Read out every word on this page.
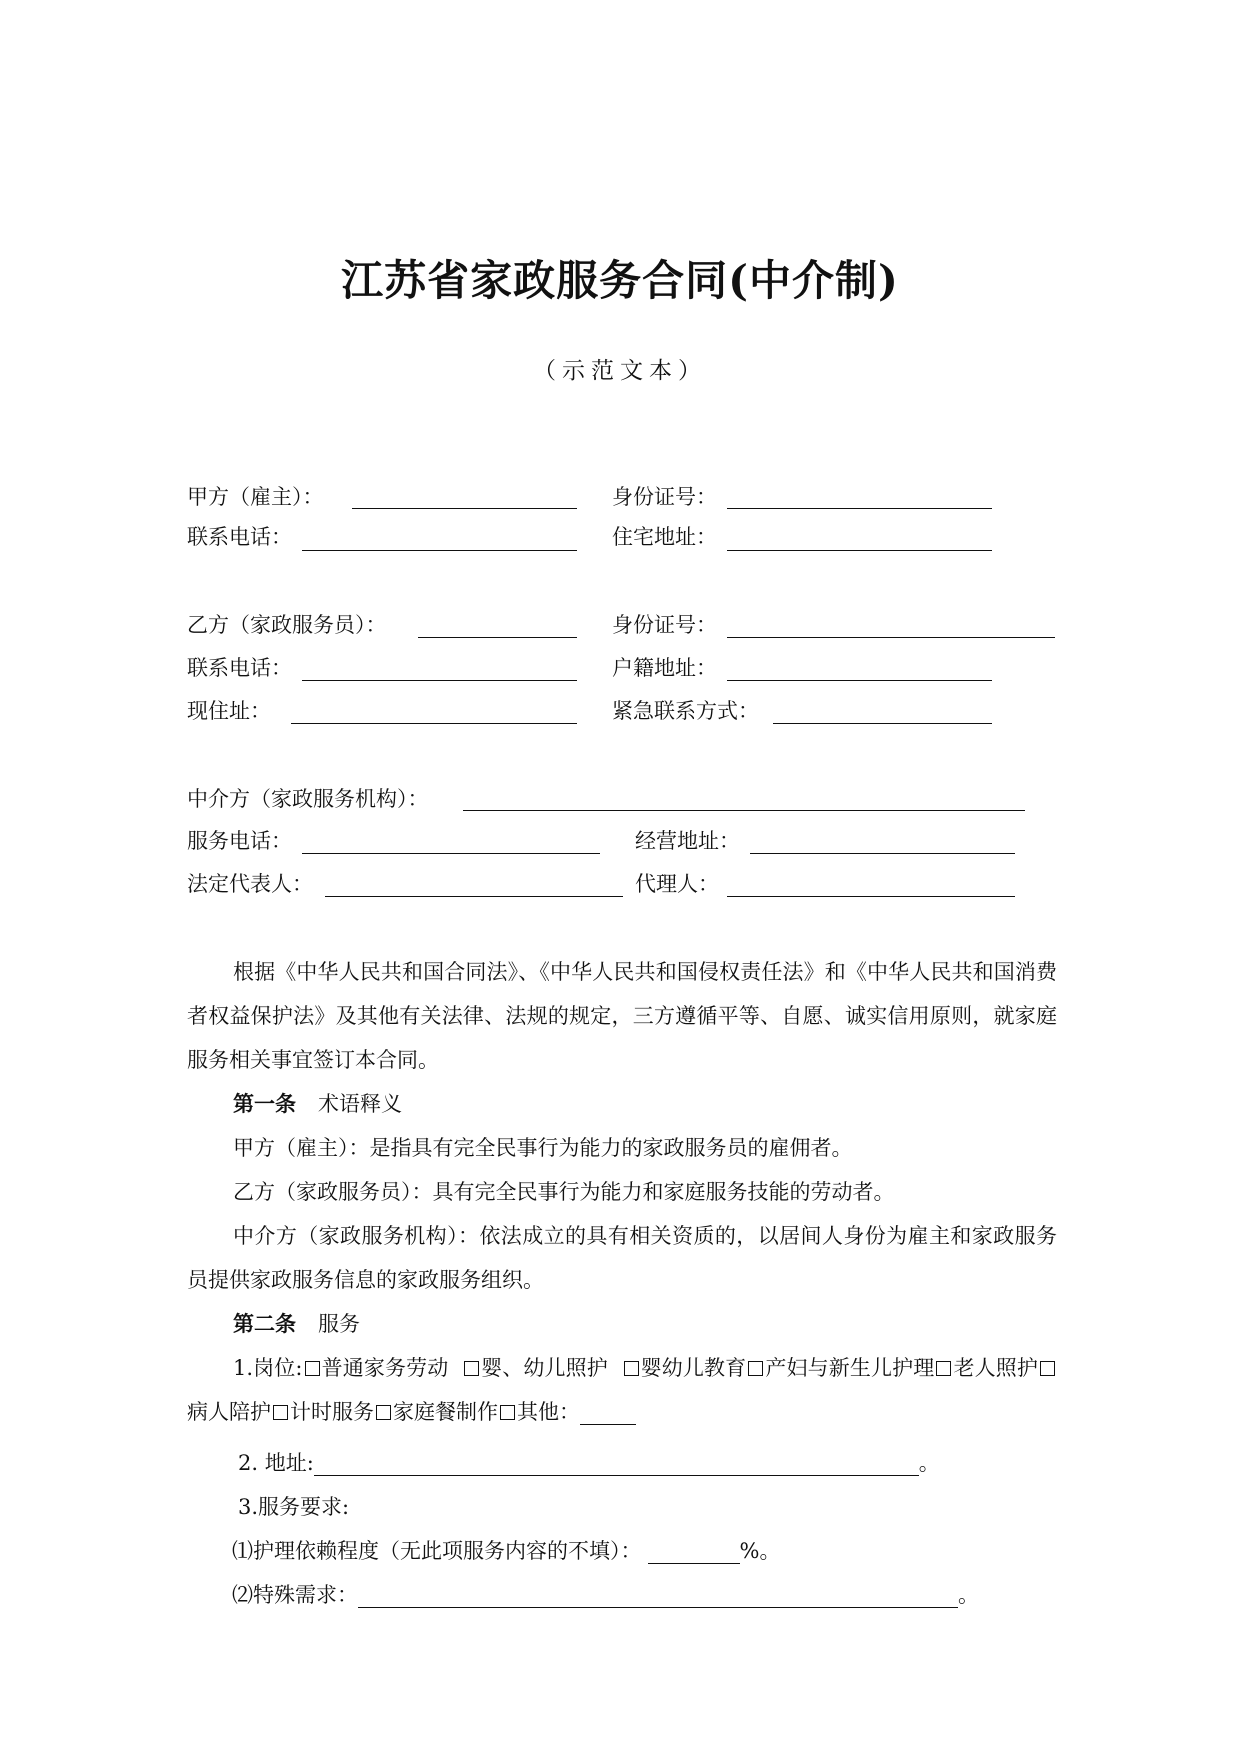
江苏省家政服务合同(中介制)
（示范文本）
甲方（雇主）：	身份证号：
联系电话：	住宅地址：
乙方（家政服务员）：	身份证号：
联系电话：	户籍地址：
现住址：	紧急联系方式：
中介方（家政服务机构）：
服务电话：	经营地址：
法定代表人：	代理人：
根据《中华人民共和国合同法》、《中华人民共和国侵权责任法》和《中华人民共和国消费者权益保护法》及其他有关法律、法规的规定，三方遵循平等、自愿、诚实信用原则，就家庭服务相关事宜签订本合同。
第一条 术语释义
甲方（雇主）：是指具有完全民事行为能力的家政服务员的雇佣者。
乙方（家政服务员）：具有完全民事行为能力和家庭服务技能的劳动者。
中介方（家政服务机构）：依法成立的具有相关资质的，以居间人身份为雇主和家政服务员提供家政服务信息的家政服务组织。
第二条 服务
1.岗位: 普通家务劳动 婴、幼儿照护 婴幼儿教育 产妇与新生儿护理 老人照护病人陪护 计时服务 家庭餐制作 其他：
2. 地址:	。
3.服务要求:
⑴护理依赖程度（无此项服务内容的不填）：	%。
⑵特殊需求：	。
